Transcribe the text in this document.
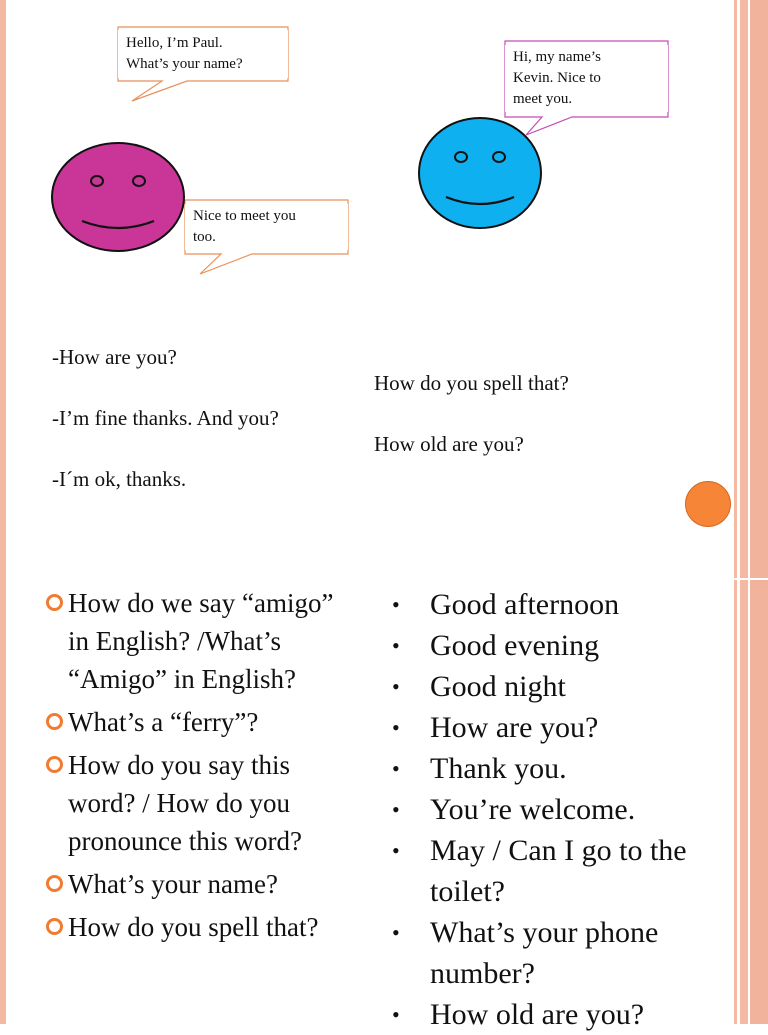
Hello, I’m Paul.
What’s your name?	Hi, my name’s
Kevin. Nice to
meet you.
Nice to meet you
too.

-How are you?

-I’m fine thanks. And you?

-I´m ok, thanks.

How do you spell that?

How old are you?

How do we say “amigo” in English? /What’s “Amigo” in English?
What’s a “ferry”?
How do you say this word? / How do you pronounce this word?
What’s your name?
How do you spell that?
• Good afternoon
• Good evening
• Good night
• How are you?
• Thank you.
• You’re welcome.
• May / Can I go to the toilet?
• What’s your phone number?
• How old are you?
